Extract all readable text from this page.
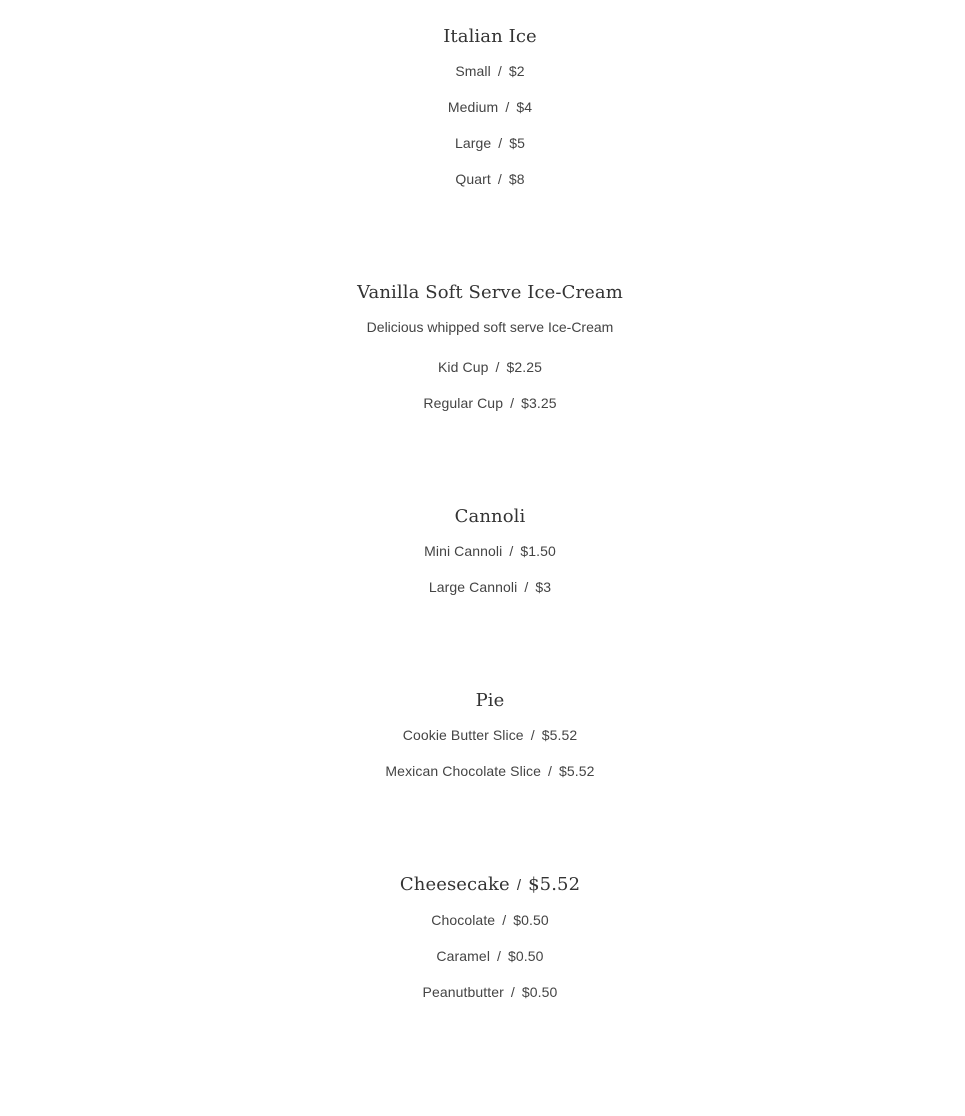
Italian Ice
Small / $2
Medium / $4
Large / $5
Quart / $8
Vanilla Soft Serve Ice-Cream
Delicious whipped soft serve Ice-Cream
Kid Cup / $2.25
Regular Cup / $3.25
Cannoli
Mini Cannoli / $1.50
Large Cannoli / $3
Pie
Cookie Butter Slice / $5.52
Mexican Chocolate Slice / $5.52
Cheesecake / $5.52
Chocolate / $0.50
Caramel / $0.50
Peanutbutter / $0.50
